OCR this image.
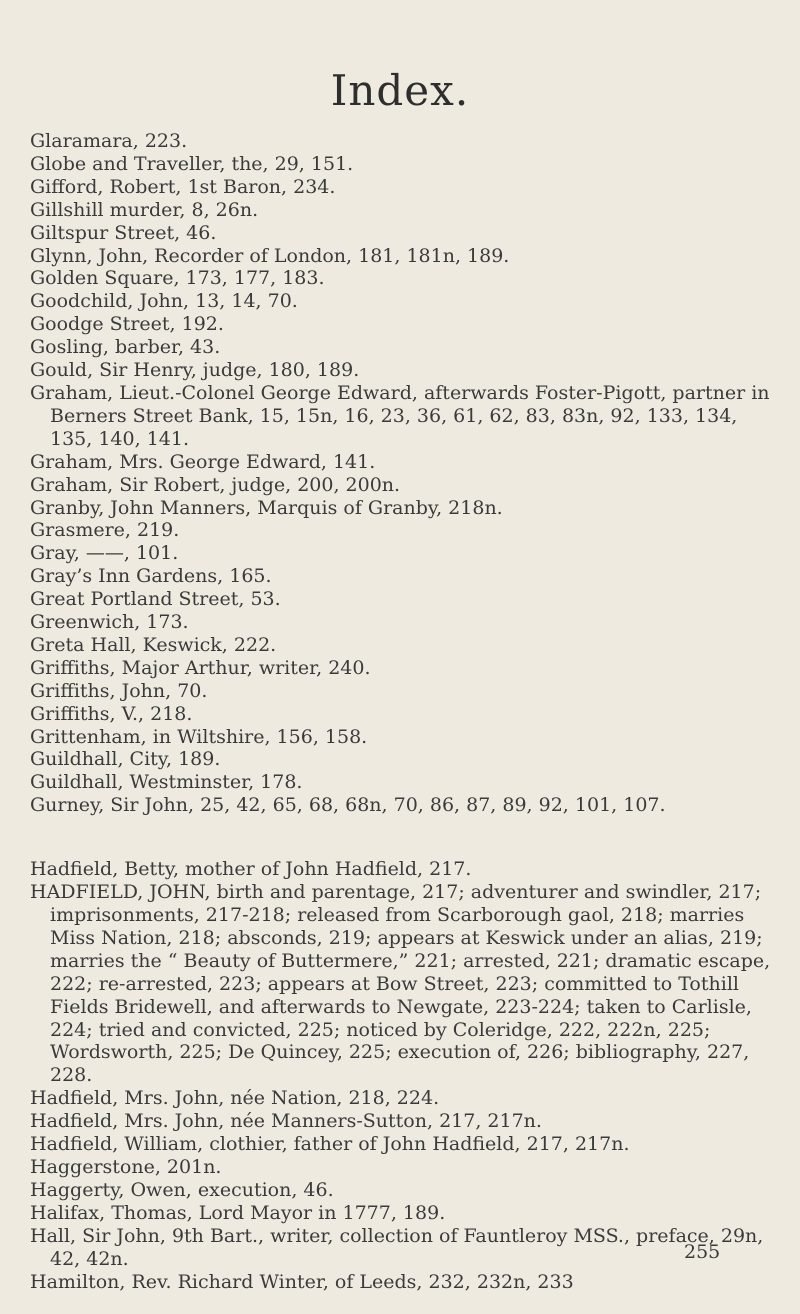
Index.

Glaramara, 223.

Globe and Traveller, the, 29, 151.

Gifford, Robert, 1st Baron, 234.

Gillshill murder, 8, 26n.

Giltspur Street, 46.

Glynn, John, Recorder of London, 181, 181n, 189.

Golden Square, 173, 177, 183.

Goodchild, John, 13, 14, 70.

Goodge Street, 192.

Gosling, barber, 43.

Gould, Sir Henry, judge, 180, 189.

Graham, Lieut.-Colonel George Edward, afterwards Foster-Pigott, partner in Berners Street Bank, 15, 15n, 16, 23, 36, 61, 62, 83, 83n, 92, 133, 134, 135, 140, 141.

Graham, Mrs. George Edward, 141.

Graham, Sir Robert, judge, 200, 200n.

Granby, John Manners, Marquis of Granby, 218n.

Grasmere, 219.

Gray, ——, 101.

Gray’s Inn Gardens, 165.

Great Portland Street, 53.

Greenwich, 173.

Greta Hall, Keswick, 222.

Griffiths, Major Arthur, writer, 240.

Griffiths, John, 70.

Griffiths, V., 218.

Grittenham, in Wiltshire, 156, 158.

Guildhall, City, 189.

Guildhall, Westminster, 178.

Gurney, Sir John, 25, 42, 65, 68, 68n, 70, 86, 87, 89, 92, 101, 107.

Hadfield, Betty, mother of John Hadfield, 217.

HADFIELD, JOHN, birth and parentage, 217; adventurer and swindler, 217; imprisonments, 217-218; released from Scarborough gaol, 218; marries Miss Nation, 218; absconds, 219; appears at Keswick under an alias, 219; marries the “ Beauty of Buttermere,” 221; arrested, 221; dramatic escape, 222; re-arrested, 223; appears at Bow Street, 223; committed to Tothill Fields Bridewell, and afterwards to Newgate, 223-224; taken to Carlisle, 224; tried and convicted, 225; noticed by Coleridge, 222, 222n, 225; Wordsworth, 225; De Quincey, 225; execution of, 226; bibliography, 227, 228.

Hadfield, Mrs. John, née Nation, 218, 224.

Hadfield, Mrs. John, née Manners-Sutton, 217, 217n.

Hadfield, William, clothier, father of John Hadfield, 217, 217n.

Haggerstone, 201n.

Haggerty, Owen, execution, 46.

Halifax, Thomas, Lord Mayor in 1777, 189.

Hall, Sir John, 9th Bart., writer, collection of Fauntleroy MSS., preface, 29n, 42, 42n.

Hamilton, Rev. Richard Winter, of Leeds, 232, 232n, 233

255
